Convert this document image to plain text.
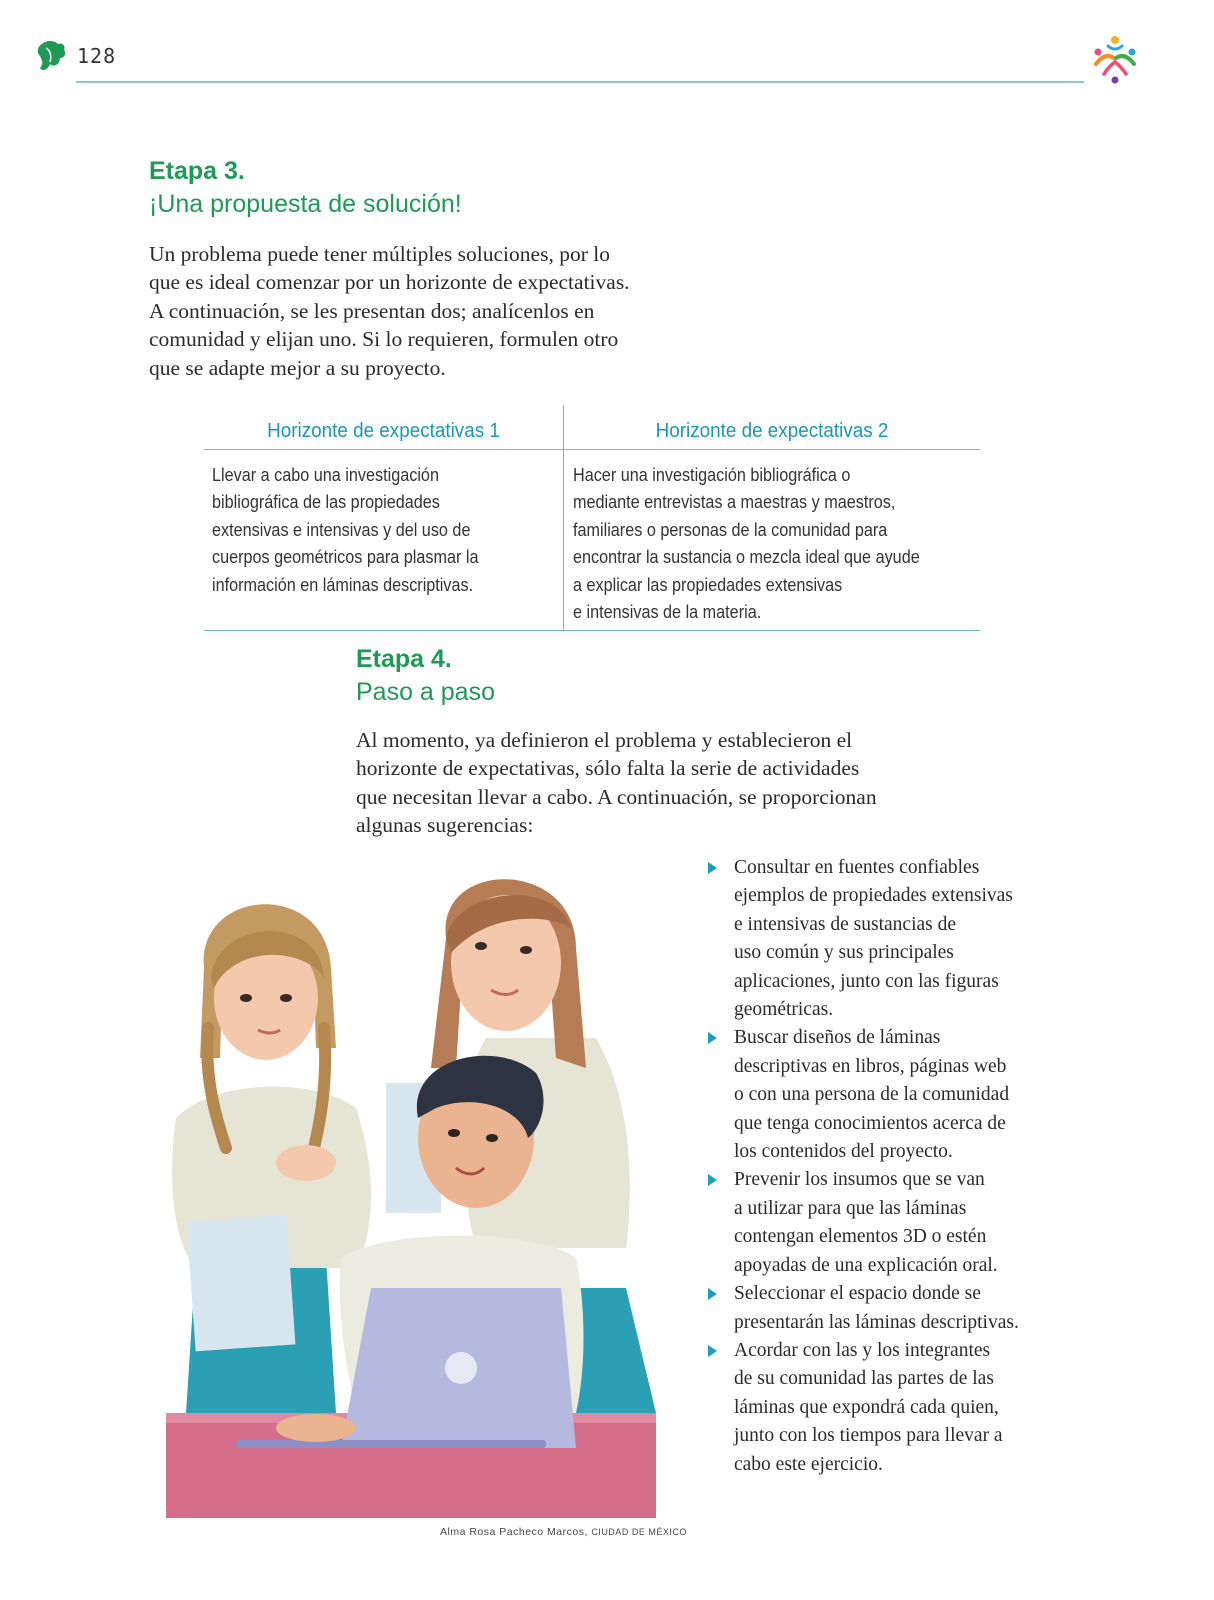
128
Etapa 3.
¡Una propuesta de solución!
Un problema puede tener múltiples soluciones, por lo
que es ideal comenzar por un horizonte de expectativas.
A continuación, se les presentan dos; analícenlos en
comunidad y elijan uno. Si lo requieren, formulen otro
que se adapte mejor a su proyecto.
Horizonte de expectativas 1	Horizonte de expectativas 2
Llevar a cabo una investigación
bibliográfica de las propiedades
extensivas e intensivas y del uso de
cuerpos geométricos para plasmar la
información en láminas descriptivas.
Hacer una investigación bibliográfica o
mediante entrevistas a maestras y maestros,
familiares o personas de la comunidad para
encontrar la sustancia o mezcla ideal que ayude
a explicar las propiedades extensivas
e intensivas de la materia.
Etapa 4.
Paso a paso
Al momento, ya definieron el problema y establecieron el
horizonte de expectativas, sólo falta la serie de actividades
que necesitan llevar a cabo. A continuación, se proporcionan
algunas sugerencias:
Alma Rosa Pacheco Marcos, CIUDAD DE MÉXICO
Consultar en fuentes confiables
ejemplos de propiedades extensivas
e intensivas de sustancias de
uso común y sus principales
aplicaciones, junto con las figuras
geométricas.
Buscar diseños de láminas
descriptivas en libros, páginas web
o con una persona de la comunidad
que tenga conocimientos acerca de
los contenidos del proyecto.
Prevenir los insumos que se van
a utilizar para que las láminas
contengan elementos 3D o estén
apoyadas de una explicación oral.
Seleccionar el espacio donde se
presentarán las láminas descriptivas.
Acordar con las y los integrantes
de su comunidad las partes de las
láminas que expondrá cada quien,
junto con los tiempos para llevar a
cabo este ejercicio.
